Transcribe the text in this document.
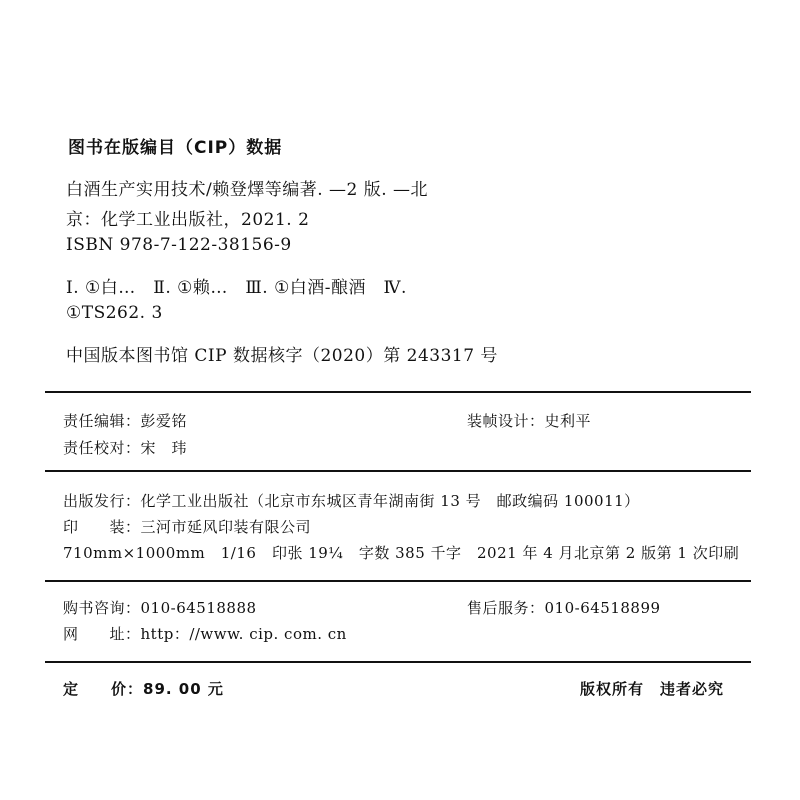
图书在版编目（CIP）数据
白酒生产实用技术/赖登燡等编著. —2 版. —北
京：化学工业出版社，2021. 2
ISBN 978-7-122-38156-9
Ⅰ. ①白…　Ⅱ. ①赖…　Ⅲ. ①白酒-酿酒　Ⅳ.
①TS262. 3
中国版本图书馆 CIP 数据核字（2020）第 243317 号
责任编辑：彭爱铭	装帧设计：史利平
责任校对：宋　玮
出版发行：化学工业出版社（北京市东城区青年湖南街 13 号　邮政编码 100011）
印　　装：三河市延风印装有限公司
710mm×1000mm　1/16　印张 19¼　字数 385 千字　2021 年 4 月北京第 2 版第 1 次印刷
购书咨询：010-64518888	售后服务：010-64518899
网　　址：http：//www. cip. com. cn
定　　价：89. 00 元	版权所有　违者必究
